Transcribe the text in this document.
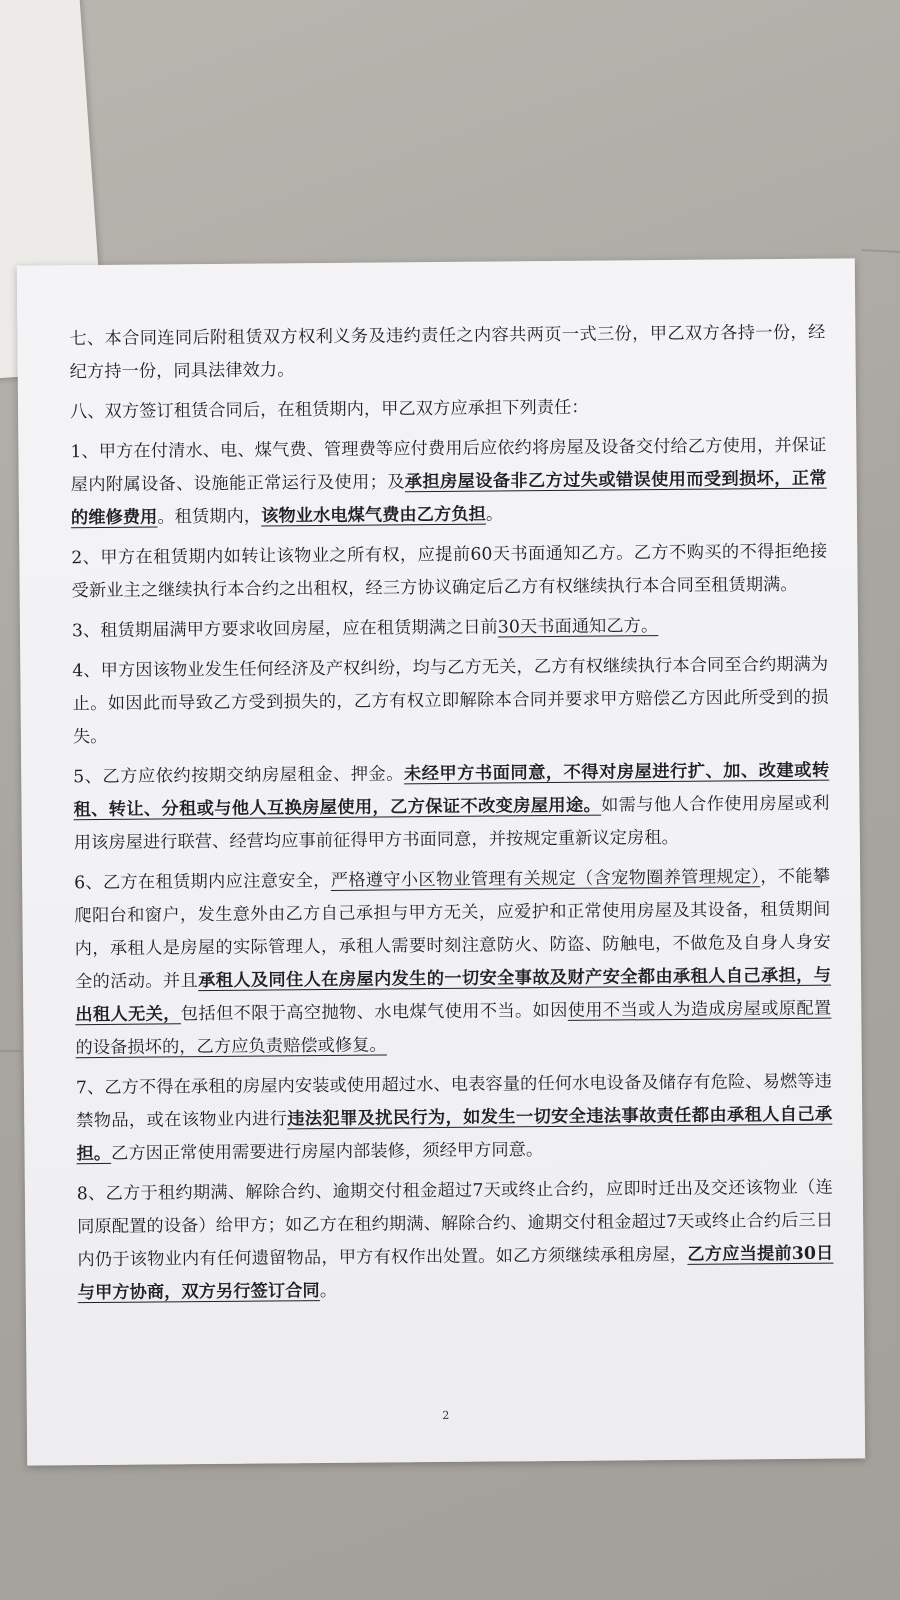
七、本合同连同后附租赁双方权利义务及违约责任之内容共两页一式三份，甲乙双方各持一份，经纪方持一份，同具法律效力。

八、双方签订租赁合同后，在租赁期内，甲乙双方应承担下列责任：

1、甲方在付清水、电、煤气费、管理费等应付费用后应依约将房屋及设备交付给乙方使用，并保证屋内附属设备、设施能正常运行及使用；及承担房屋设备非乙方过失或错误使用而受到损坏，正常的维修费用。租赁期内，该物业水电煤气费由乙方负担。

2、甲方在租赁期内如转让该物业之所有权，应提前60天书面通知乙方。乙方不购买的不得拒绝接受新业主之继续执行本合约之出租权，经三方协议确定后乙方有权继续执行本合同至租赁期满。

3、租赁期届满甲方要求收回房屋，应在租赁期满之日前30天书面通知乙方。

4、甲方因该物业发生任何经济及产权纠纷，均与乙方无关，乙方有权继续执行本合同至合约期满为止。如因此而导致乙方受到损失的，乙方有权立即解除本合同并要求甲方赔偿乙方因此所受到的损失。

5、乙方应依约按期交纳房屋租金、押金。未经甲方书面同意，不得对房屋进行扩、加、改建或转租、转让、分租或与他人互换房屋使用，乙方保证不改变房屋用途。如需与他人合作使用房屋或利用该房屋进行联营、经营均应事前征得甲方书面同意，并按规定重新议定房租。

6、乙方在租赁期内应注意安全，严格遵守小区物业管理有关规定（含宠物圈养管理规定），不能攀爬阳台和窗户，发生意外由乙方自己承担与甲方无关，应爱护和正常使用房屋及其设备，租赁期间内，承租人是房屋的实际管理人，承租人需要时刻注意防火、防盗、防触电，不做危及自身人身安全的活动。并且承租人及同住人在房屋内发生的一切安全事故及财产安全都由承租人自己承担，与出租人无关，包括但不限于高空抛物、水电煤气使用不当。如因使用不当或人为造成房屋或原配置的设备损坏的，乙方应负责赔偿或修复。

7、乙方不得在承租的房屋内安装或使用超过水、电表容量的任何水电设备及储存有危险、易燃等违禁物品，或在该物业内进行违法犯罪及扰民行为，如发生一切安全违法事故责任都由承租人自己承担。乙方因正常使用需要进行房屋内部装修，须经甲方同意。

8、乙方于租约期满、解除合约、逾期交付租金超过7天或终止合约，应即时迁出及交还该物业（连同原配置的设备）给甲方；如乙方在租约期满、解除合约、逾期交付租金超过7天或终止合约后三日内仍于该物业内有任何遗留物品，甲方有权作出处置。如乙方须继续承租房屋，乙方应当提前30日与甲方协商，双方另行签订合同。

2
